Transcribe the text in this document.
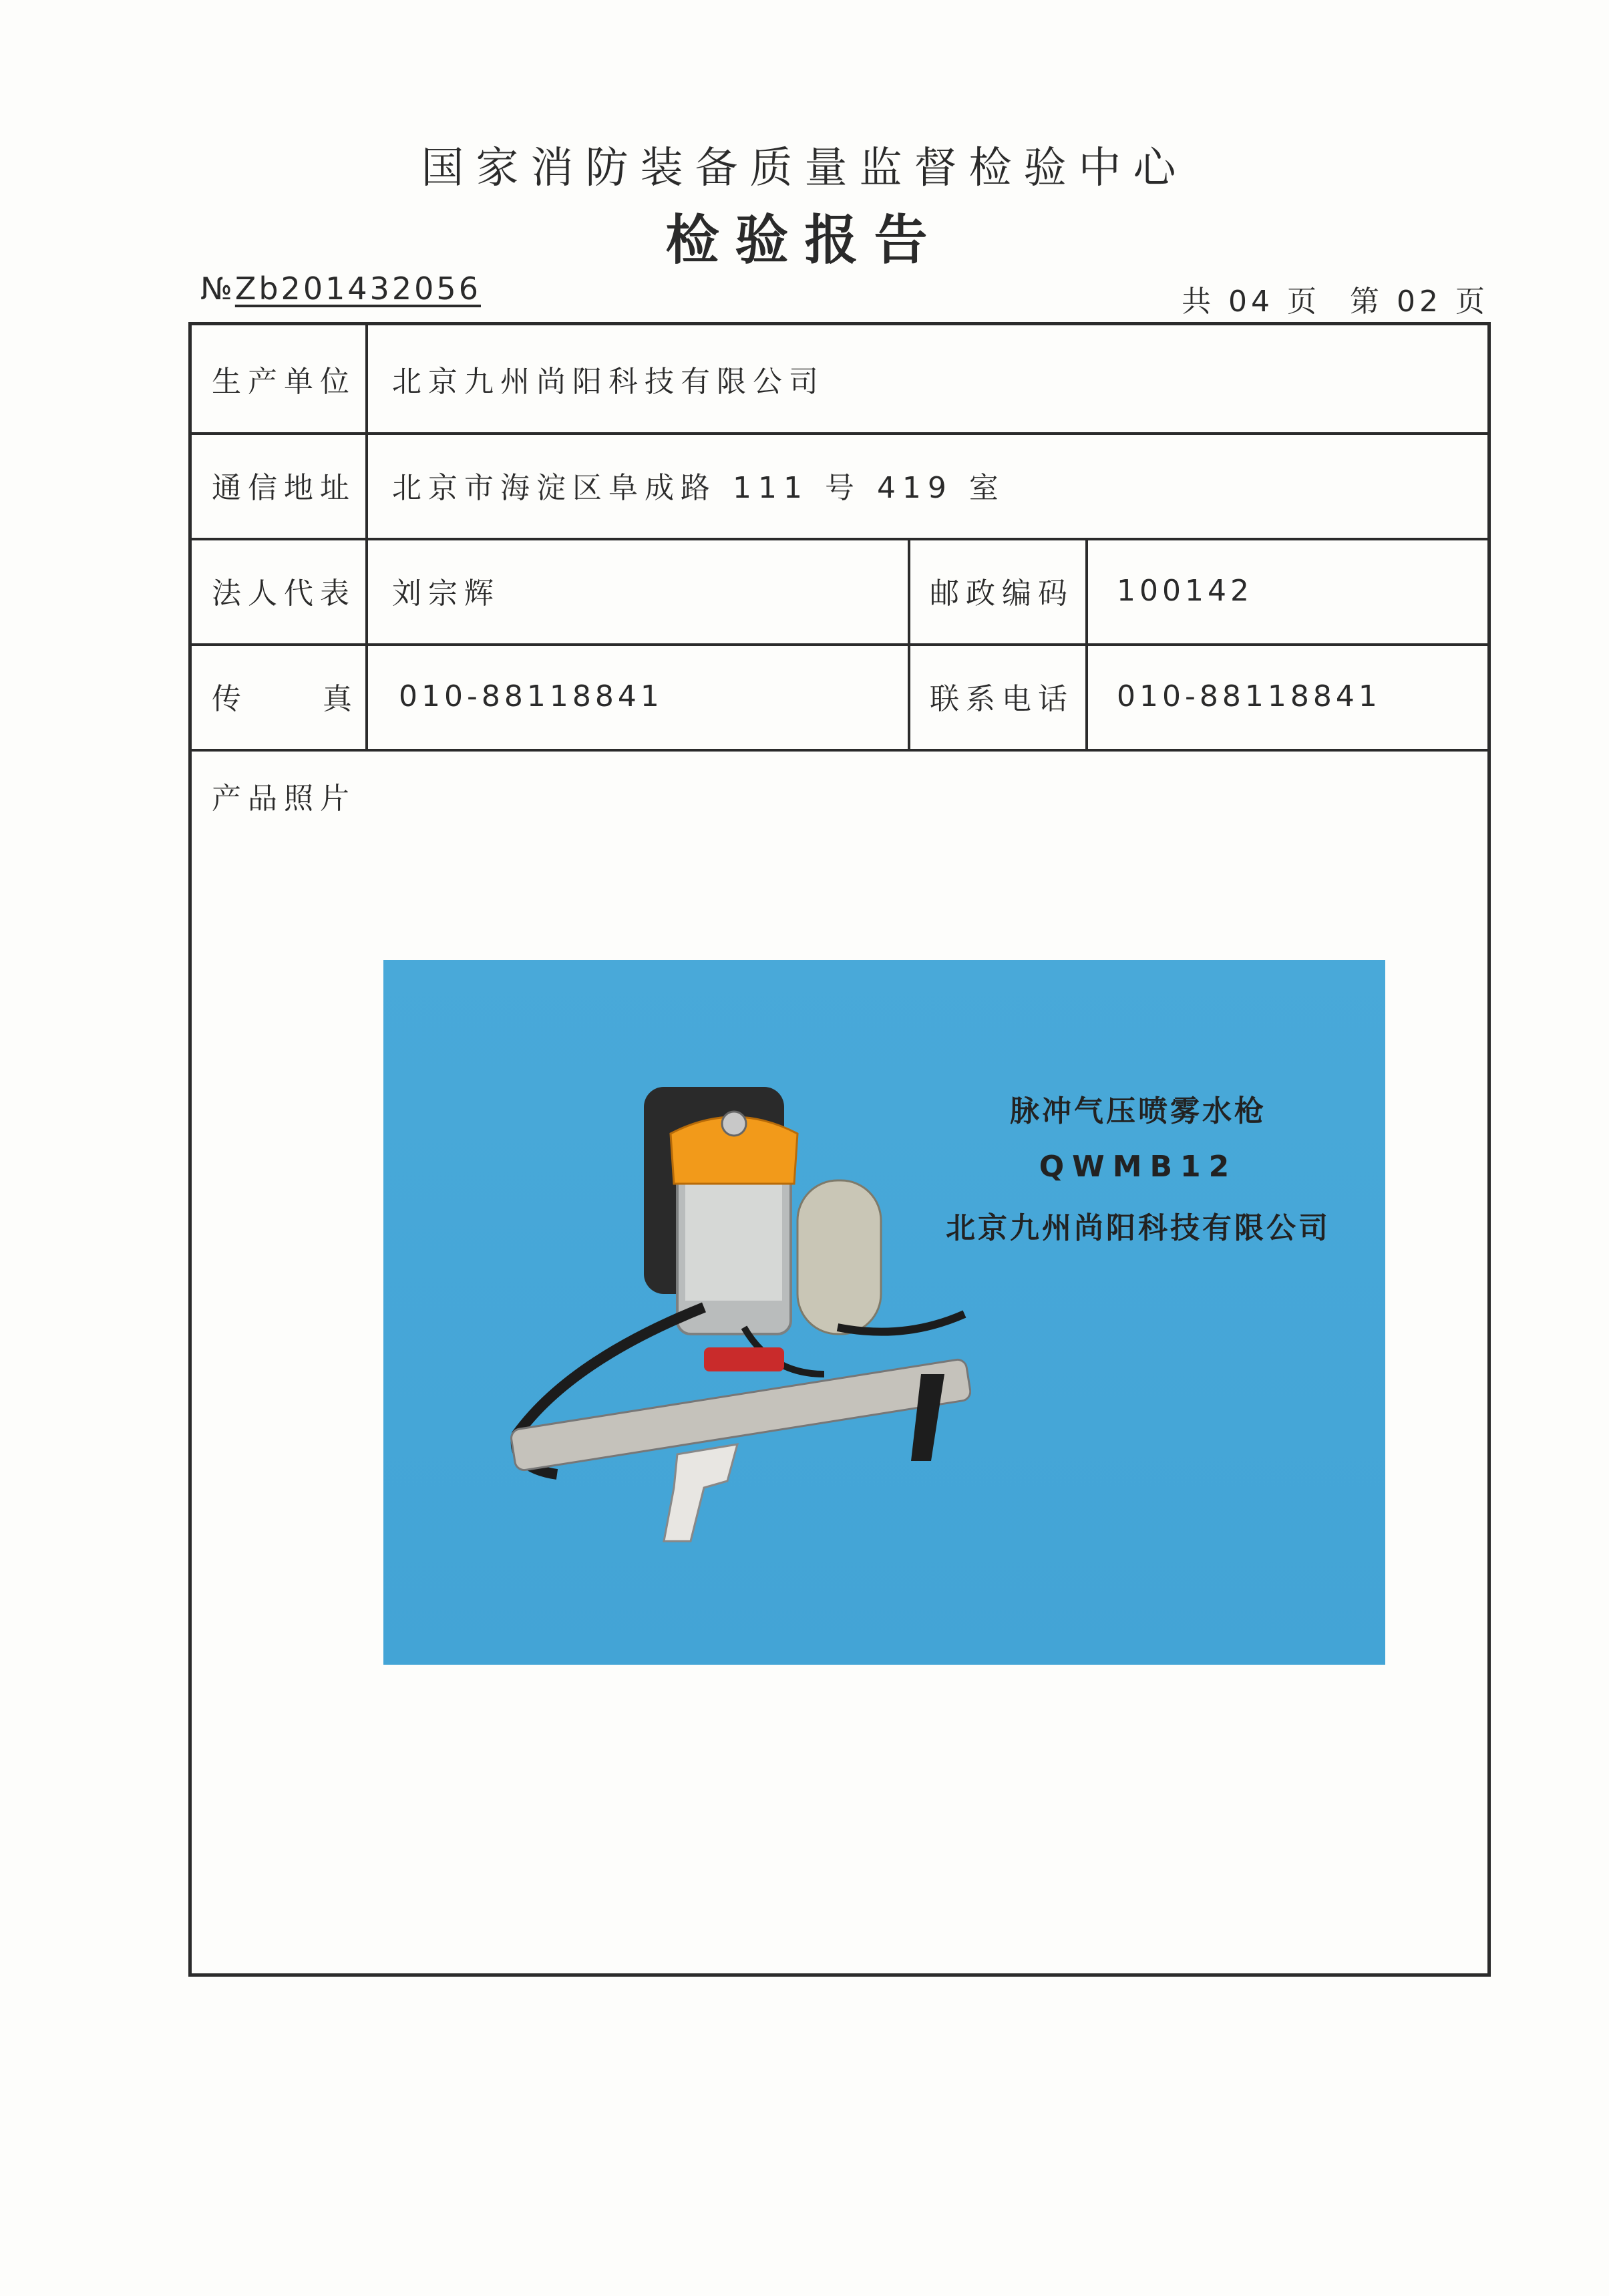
国家消防装备质量监督检验中心
检验报告
№Zb201432056	共 04 页 第 02 页
生产单位 北京九州尚阳科技有限公司
通信地址 北京市海淀区阜成路 111 号 419 室
法人代表 刘宗辉	邮政编码 100142
传	真 010-88118841	联系电话 010-88118841
产品照片
脉冲气压喷雾水枪
QWMB12
北京九州尚阳科技有限公司
